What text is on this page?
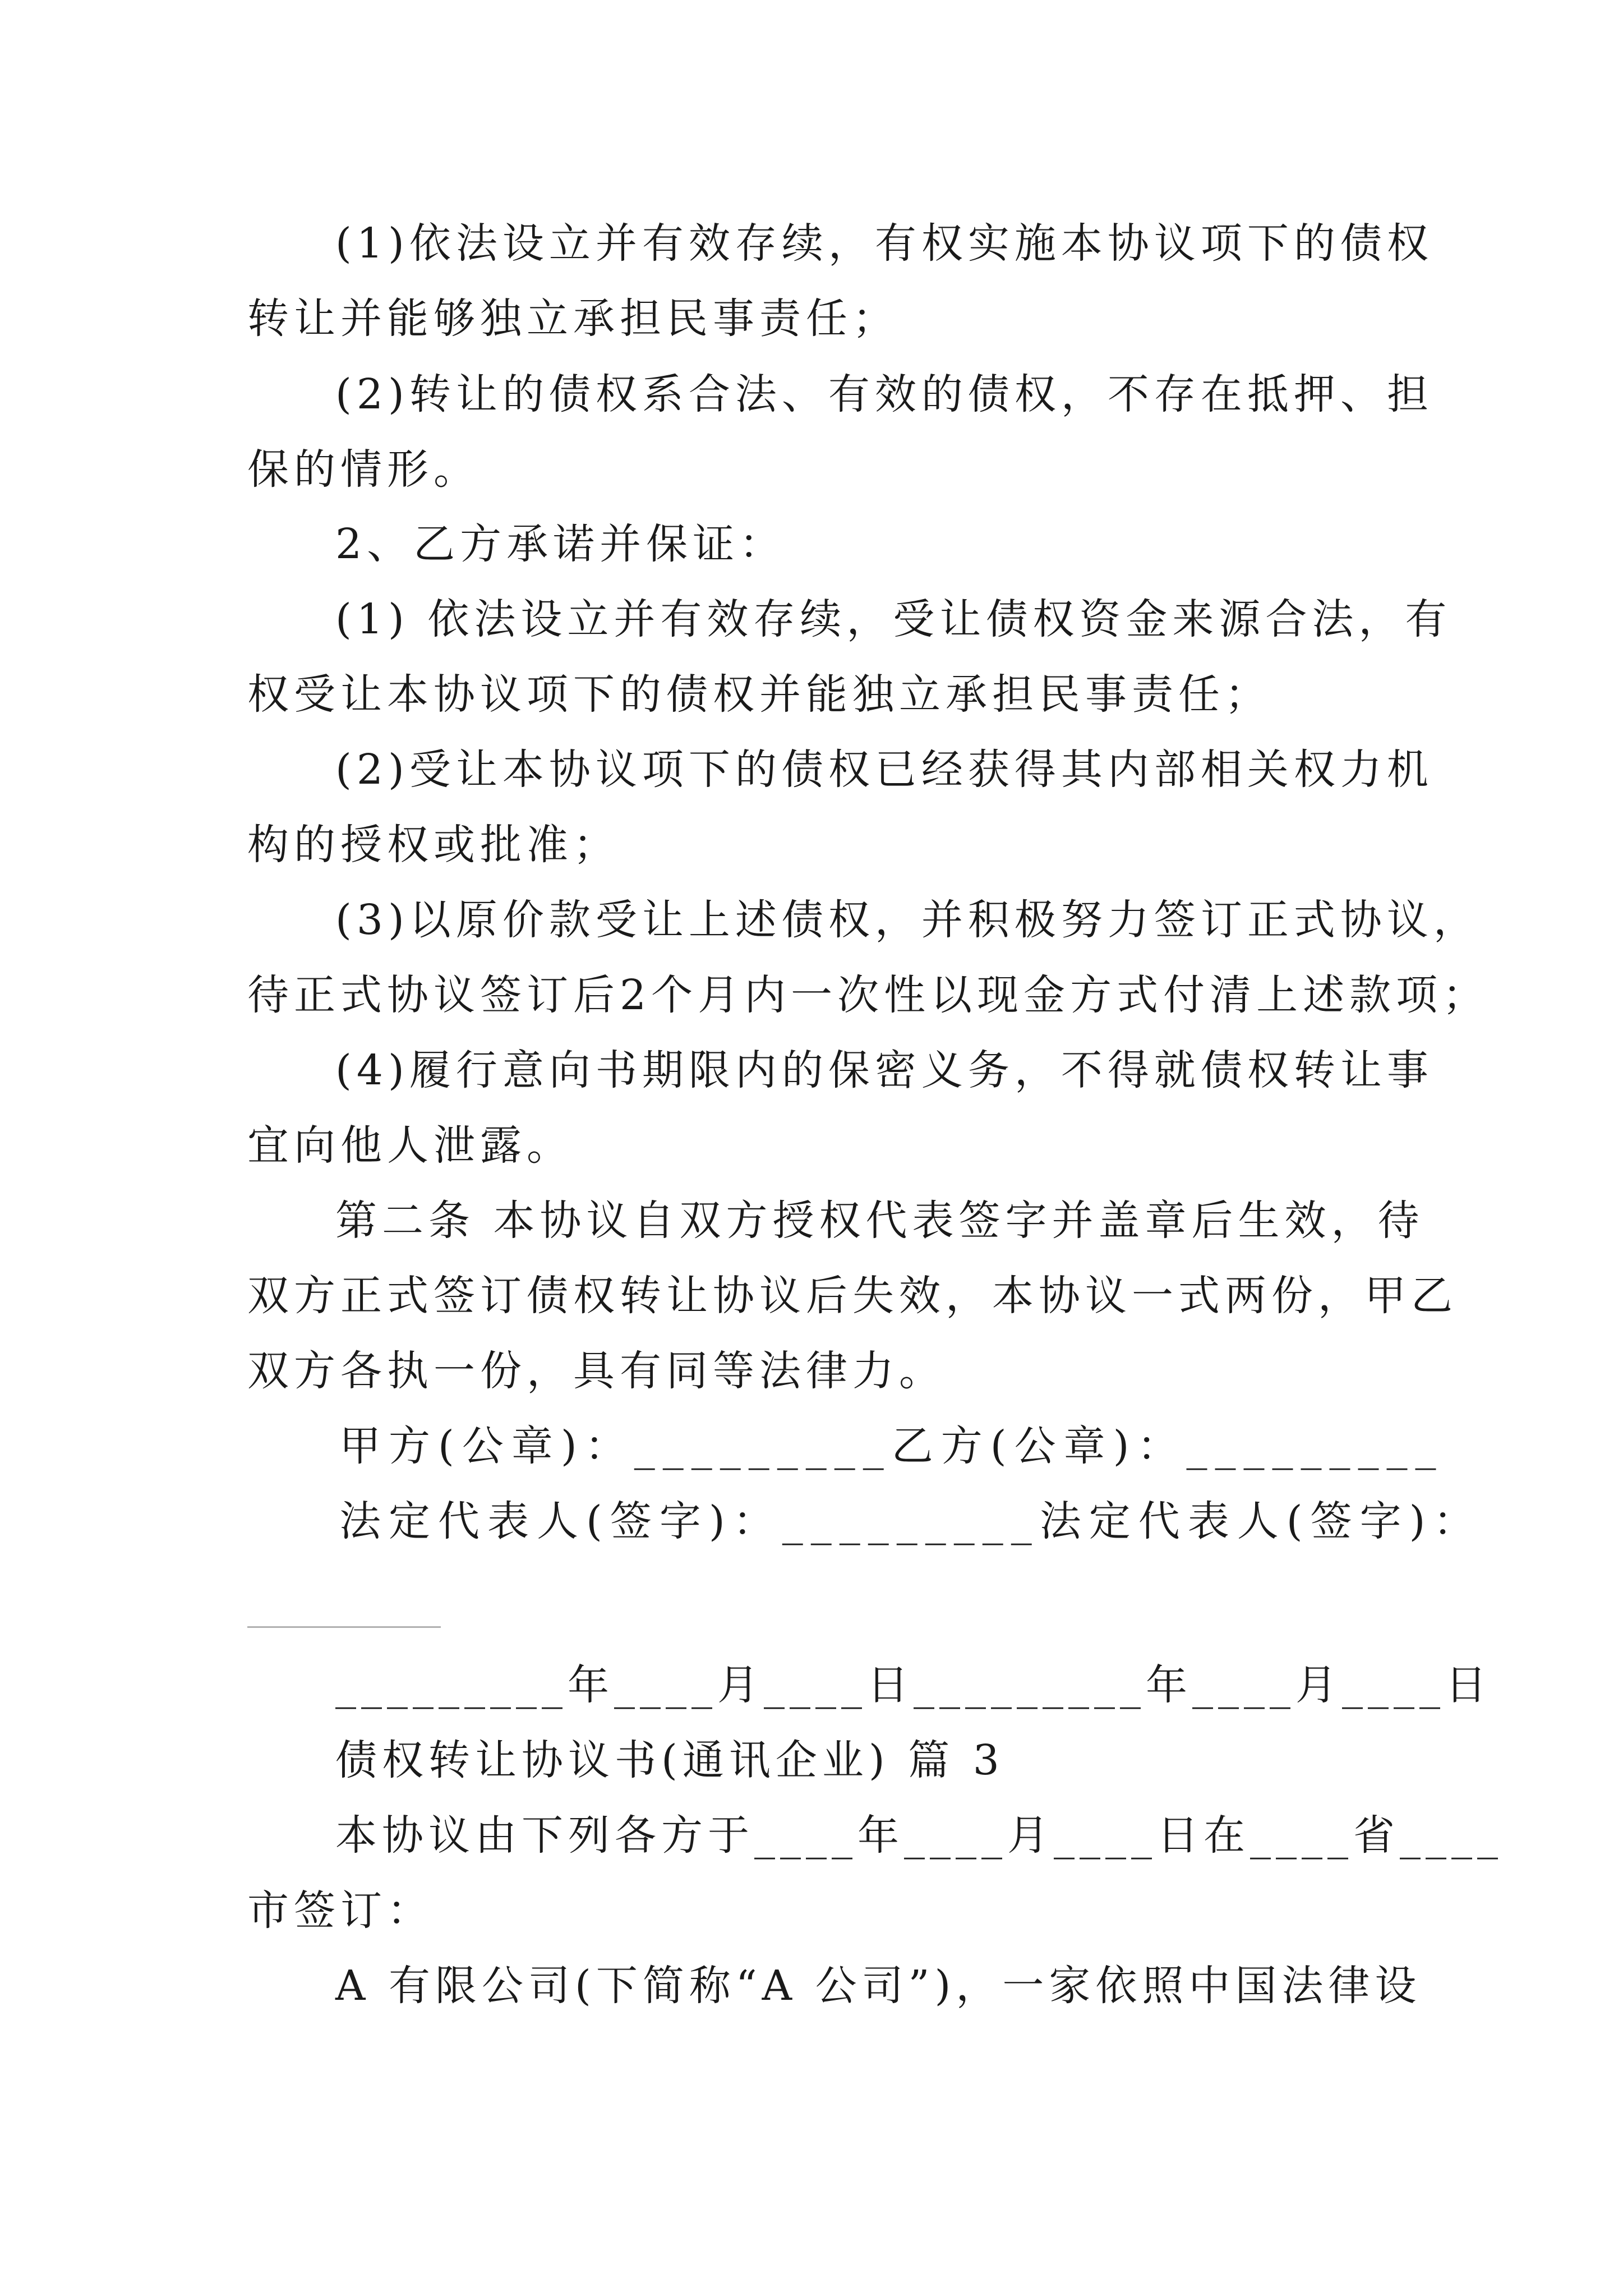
(1)依法设立并有效存续，有权实施本协议项下的债权

转让并能够独立承担民事责任；

(2)转让的债权系合法、有效的债权，不存在抵押、担

保的情形。

2、乙方承诺并保证：

(1) 依法设立并有效存续，受让债权资金来源合法，有

权受让本协议项下的债权并能独立承担民事责任；

(2)受让本协议项下的债权已经获得其内部相关权力机

构的授权或批准；

(3)以原价款受让上述债权，并积极努力签订正式协议，

待正式协议签订后2个月内一次性以现金方式付清上述款项；

(4)履行意向书期限内的保密义务，不得就债权转让事

宜向他人泄露。

第二条 本协议自双方授权代表签字并盖章后生效，待

双方正式签订债权转让协议后失效，本协议一式两份，甲乙

双方各执一份，具有同等法律力。

甲方(公章)：_________乙方(公章)：_________

法定代表人(签字)：_________法定代表人(签字)：

_________年____月____日_________年____月____日

债权转让协议书(通讯企业) 篇 3

本协议由下列各方于____年____月____日在____省____

市签订：

A 有限公司(下简称“A 公司”)，一家依照中国法律设
